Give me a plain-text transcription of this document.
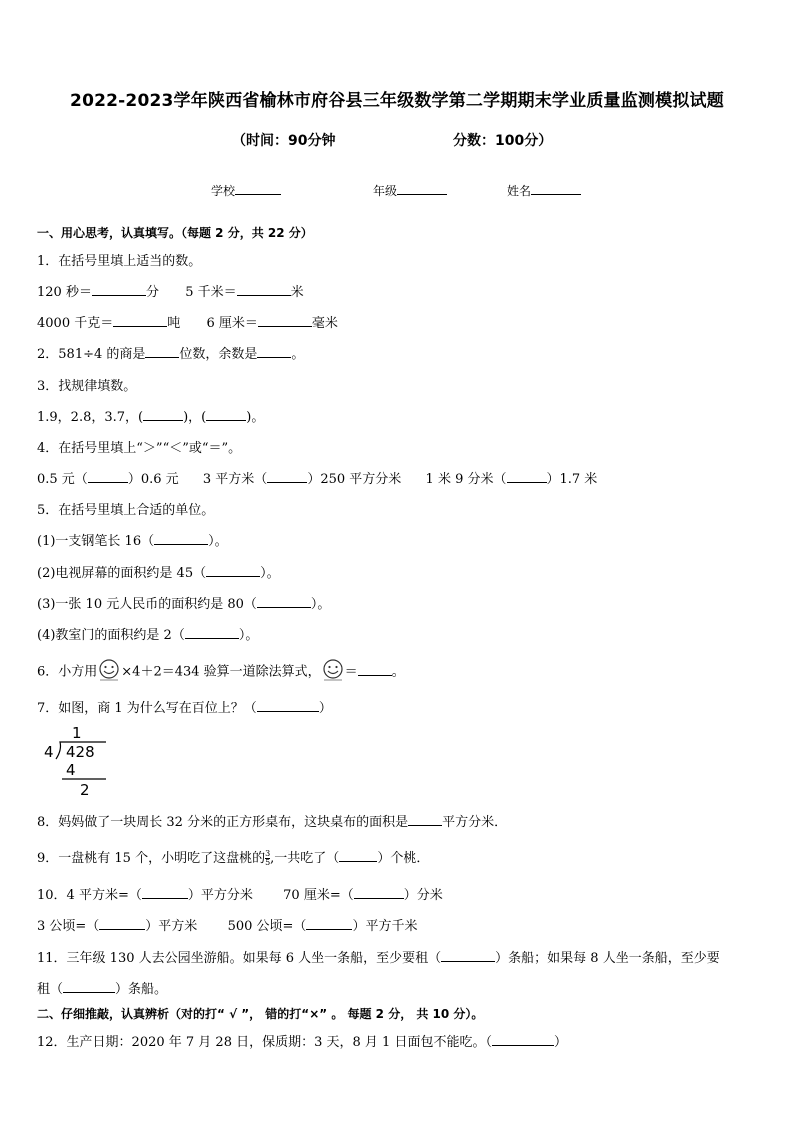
2022-2023学年陕西省榆林市府谷县三年级数学第二学期期末学业质量监测模拟试题
（时间：90分钟	分数：100分）
学校	年级	姓名
一、用心思考，认真填写。（每题 2 分，共 22 分）
1．在括号里填上适当的数。
120 秒＝	分 5 千米＝	米
4000 千克＝	吨 6 厘米＝	毫米
2．581÷4 的商是	位数，余数是	。
3．找规律填数。
1.9，2.8，3.7，(	)，(	)。
4．在括号里填上“＞”“＜”或“＝”。
0.5 元（	）0.6 元 3 平方米（	）250 平方分米 1 米 9 分米（	）1.7 米
5．在括号里填上合适的单位。
(1)一支钢笔长 16（	）。
(2)电视屏幕的面积约是 45（	）。
(3)一张 10 元人民币的面积约是 80（	）。
(4)教室门的面积约是 2（	）。
6．小方用 ×4＋2＝434 验算一道除法算式， ＝	。
7．如图，商 1 为什么写在百位上？（	）
1
4 428
4
2
8．妈妈做了一块周长 32 分米的正方形桌布，这块桌布的面积是	平方分米．
9．一盘桃有 15 个，小明吃了这盘桃的 $\frac{3}{5}$ ,一共吃了（	）个桃．
10．4 平方米=（	）平方分米 70 厘米=（	）分米
3 公顷=（	）平方米 500 公顷=（	）平方千米
11．三年级 130 人去公园坐游船。如果每 6 人坐一条船，至少要租（	）条船；如果每 8 人坐一条船，至少要
租（	）条船。
二、仔细推敲，认真辨析（对的打“ √ ”， 错的打“×” 。 每题 2 分， 共 10 分）。
12．生产日期：2020 年 7 月 28 日，保质期：3 天，8 月 1 日面包不能吃。（	）
